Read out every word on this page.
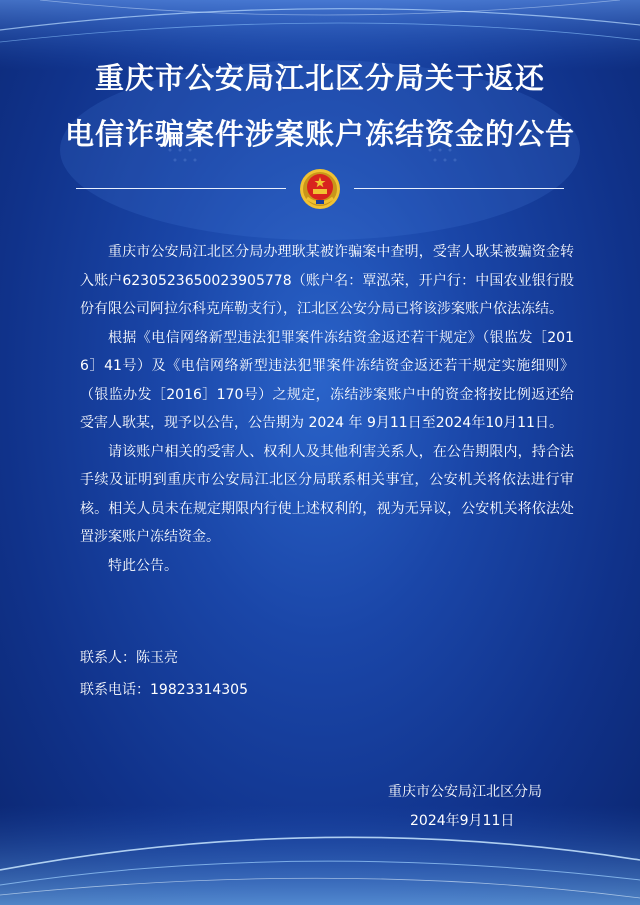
重庆市公安局江北区分局关于返还
电信诈骗案件涉案账户冻结资金的公告

重庆市公安局江北区分局办理耿某被诈骗案中查明，受害人耿某被骗资金转入账户6230523650023905778（账户名：覃泓荣，开户行：中国农业银行股份有限公司阿拉尔科克库勒支行），江北区公安分局已将该涉案账户依法冻结。

根据《电信网络新型违法犯罪案件冻结资金返还若干规定》（银监发［2016］41号）及《电信网络新型违法犯罪案件冻结资金返还若干规定实施细则》（银监办发［2016］170号）之规定，冻结涉案账户中的资金将按比例返还给受害人耿某，现予以公告，公告期为 2024 年 9月11日至2024年10月11日。

请该账户相关的受害人、权利人及其他利害关系人，在公告期限内，持合法手续及证明到重庆市公安局江北区分局联系相关事宜，公安机关将依法进行审核。相关人员未在规定期限内行使上述权利的，视为无异议，公安机关将依法处置涉案账户冻结资金。

特此公告。

联系人：陈玉亮
联系电话：19823314305
重庆市公安局江北区分局
2024年9月11日
